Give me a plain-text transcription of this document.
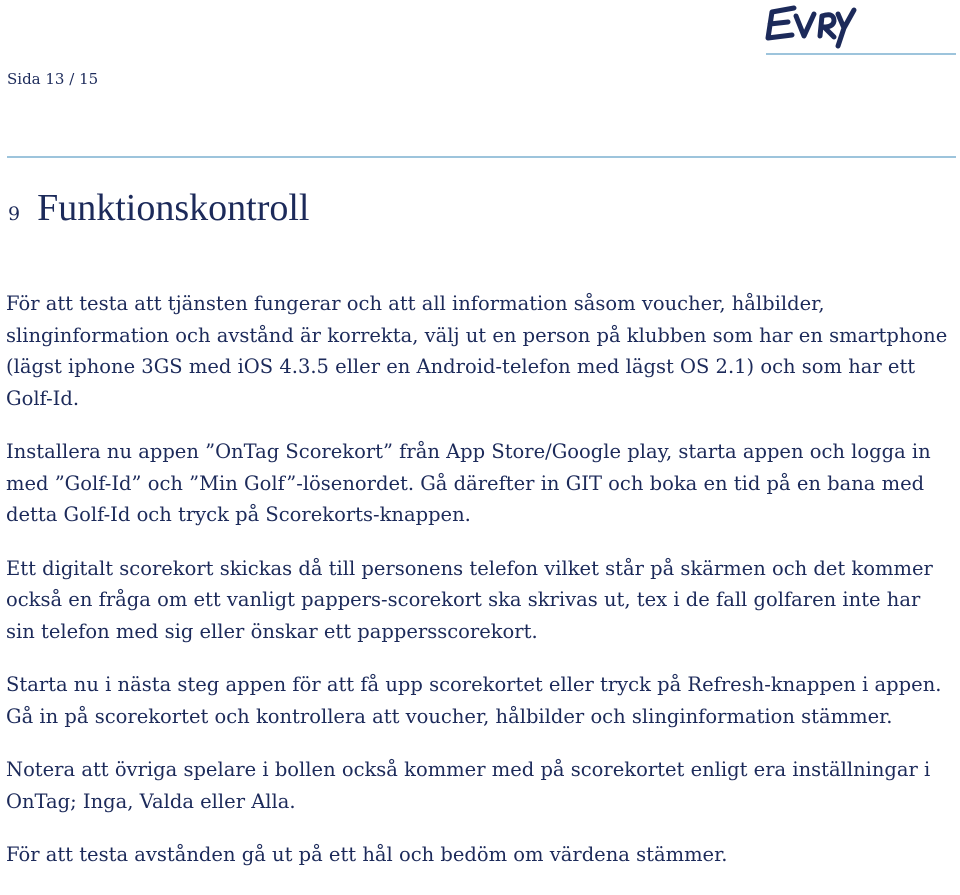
Sida 13 / 15
9 Funktionskontroll

För att testa att tjänsten fungerar och att all information såsom voucher, hålbilder, slinginformation och avstånd är korrekta, välj ut en person på klubben som har en smartphone (lägst iphone 3GS med iOS 4.3.5 eller en Android-telefon med lägst OS 2.1) och som har ett Golf-Id.

Installera nu appen ”OnTag Scorekort” från App Store/Google play, starta appen och logga in med ”Golf-Id” och ”Min Golf”-lösenordet. Gå därefter in GIT och boka en tid på en bana med detta Golf-Id och tryck på Scorekorts-knappen.

Ett digitalt scorekort skickas då till personens telefon vilket står på skärmen och det kommer också en fråga om ett vanligt pappers-scorekort ska skrivas ut, tex i de fall golfaren inte har sin telefon med sig eller önskar ett pappersscorekort.

Starta nu i nästa steg appen för att få upp scorekortet eller tryck på Refresh-knappen i appen. Gå in på scorekortet och kontrollera att voucher, hålbilder och slinginformation stämmer.

Notera att övriga spelare i bollen också kommer med på scorekortet enligt era inställningar i OnTag; Inga, Valda eller Alla.

För att testa avstånden gå ut på ett hål och bedöm om värdena stämmer.
